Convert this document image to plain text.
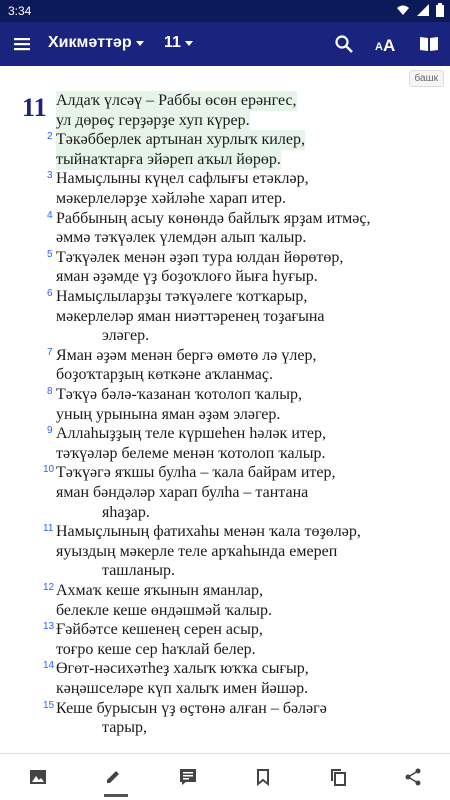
3:34
Хикмәттәр 11	A A
башк
11 Алдаҡ үлсәү – Раббы өсөн ерәнгес,
ул дөрөҫ герҙәрҙе хуп күрер.
Тәкәбберлек артынан хурлыҡ килер,
2
тыйнаҡтарға эйәреп аҡыл йөрөр.
Намыҫлыны күңел сафлығы етәкләр,
3
мәкерлеләрҙе хәйләһе харап итер.
Раббының асыу көнөндә байлыҡ ярҙам итмәҫ,
4
әммә тәҡүәлек үлемдән алып ҡалыр.
Тәҡүәлек менән әҙәп тура юлдан йөрөтөр,
5
яман әҙәмде үҙ боҙоҡлоғо йыға һуғыр.
Намыҫлыларҙы тәҡүәлеге ҡотҡарыр,
6
мәкерлеләр яман ниәттәренең тоҙағына
эләгер.
Яман әҙәм менән бергә өмөтө лә үлер,
7
боҙоҡтарҙың көткәне аҡланмаҫ.
Тәҡүә бәлә-ҡазанан ҡотолоп ҡалыр,
8
уның урынына яман әҙәм эләгер.
Аллаһыҙҙың теле күршеһен һәләк итер,
9
тәҡүәләр белеме менән ҡотолоп ҡалыр.
Тәҡүәгә яҡшы булһа – ҡала байрам итер,
10
яман бәндәләр харап булһа – тантана
яһаҙар.
Намыҫлының фатихаһы менән ҡала төҙөләр,
11
яуыздың мәкерле теле арҡаһында емереп
ташланыр.
Ахмаҡ кеше яҡынын яманлар,
12
белекле кеше өндәшмәй ҡалыр.
Ғәйбәтсе кешенең серен асыр,
13
тоғро кеше сер һаҡлай белер.
Өгөт-нәсихәтһеҙ халыҡ юҡҡа сығыр,
14
кәңәшселәре күп халыҡ имен йәшәр.
Кеше бурысын үҙ өҫтөнә алған – бәләгә
15
тарыр,
